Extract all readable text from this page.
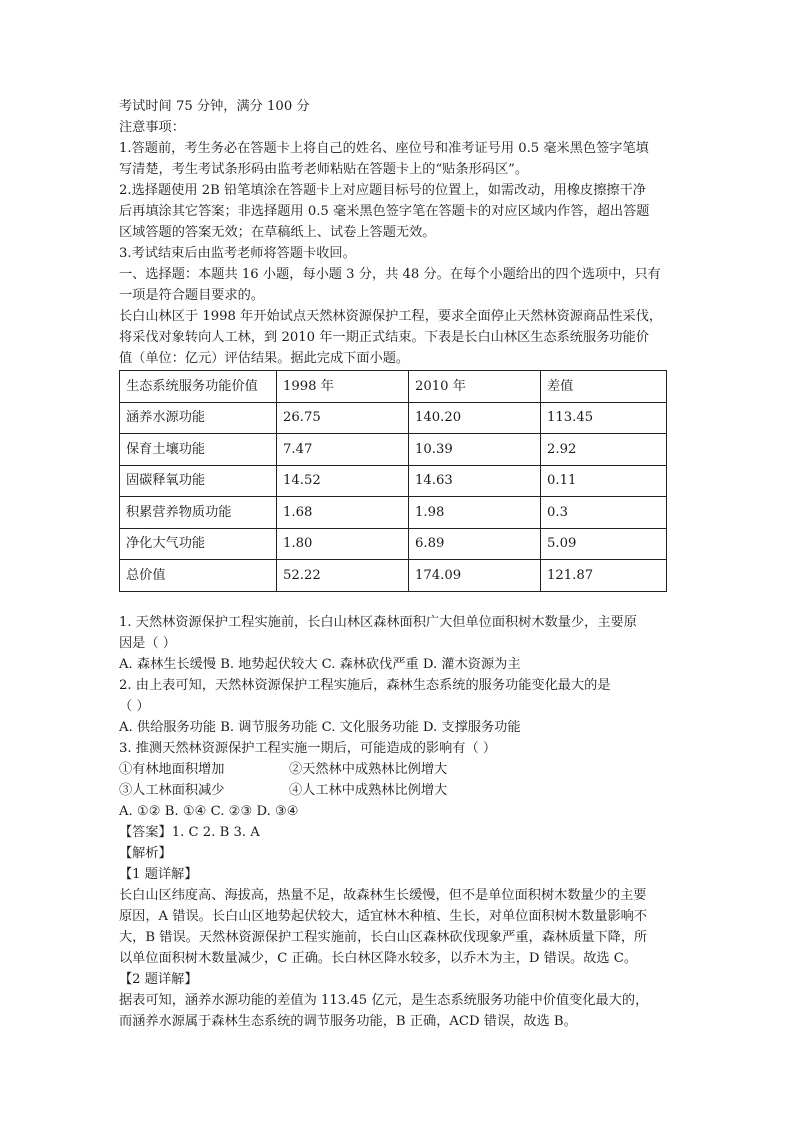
考试时间 75 分钟，满分 100 分
注意事项：
1.答题前，考生务必在答题卡上将自己的姓名、座位号和准考证号用 0.5 毫米黑色签字笔填
写清楚，考生考试条形码由监考老师粘贴在答题卡上的“贴条形码区”。
2.选择题使用 2B 铅笔填涂在答题卡上对应题目标号的位置上，如需改动，用橡皮擦擦干净
后再填涂其它答案；非选择题用 0.5 毫米黑色签字笔在答题卡的对应区域内作答，超出答题
区域答题的答案无效；在草稿纸上、试卷上答题无效。
3.考试结束后由监考老师将答题卡收回。
一、选择题：本题共 16 小题，每小题 3 分，共 48 分。在每个小题给出的四个选项中，只有
一项是符合题目要求的。
长白山林区于 1998 年开始试点天然林资源保护工程，要求全面停止天然林资源商品性采伐，
将采伐对象转向人工林，到 2010 年一期正式结束。下表是长白山林区生态系统服务功能价
值（单位：亿元）评估结果。据此完成下面小题。
生态系统服务功能价值	1998 年	2010 年	差值
涵养水源功能	26.75	140.20	113.45
保育土壤功能	7.47	10.39	2.92
固碳释氧功能	14.52	14.63	0.11
积累营养物质功能	1.68	1.98	0.3
净化大气功能	1.80	6.89	5.09
总价值	52.22	174.09	121.87
1. 天然林资源保护工程实施前，长白山林区森林面积广大但单位面积树木数量少，主要原
因是（ ）
A. 森林生长缓慢 B. 地势起伏较大 C. 森林砍伐严重 D. 灌木资源为主
2. 由上表可知，天然林资源保护工程实施后，森林生态系统的服务功能变化最大的是
（ ）
A. 供给服务功能 B. 调节服务功能 C. 文化服务功能 D. 支撑服务功能
3. 推测天然林资源保护工程实施一期后，可能造成的影响有（ ）
①有林地面积增加	②天然林中成熟林比例增大
③人工林面积减少	④人工林中成熟林比例增大
A. ①② B. ①④ C. ②③ D. ③④
【答案】1. C 2. B 3. A
【解析】
【1 题详解】
长白山区纬度高、海拔高，热量不足，故森林生长缓慢，但不是单位面积树木数量少的主要
原因，A 错误。长白山区地势起伏较大，适宜林木种植、生长，对单位面积树木数量影响不
大，B 错误。天然林资源保护工程实施前，长白山区森林砍伐现象严重，森林质量下降，所
以单位面积树木数量减少，C 正确。长白林区降水较多，以乔木为主，D 错误。故选 C。
【2 题详解】
据表可知，涵养水源功能的差值为 113.45 亿元，是生态系统服务功能中价值变化最大的，
而涵养水源属于森林生态系统的调节服务功能，B 正确，ACD 错误，故选 B。
